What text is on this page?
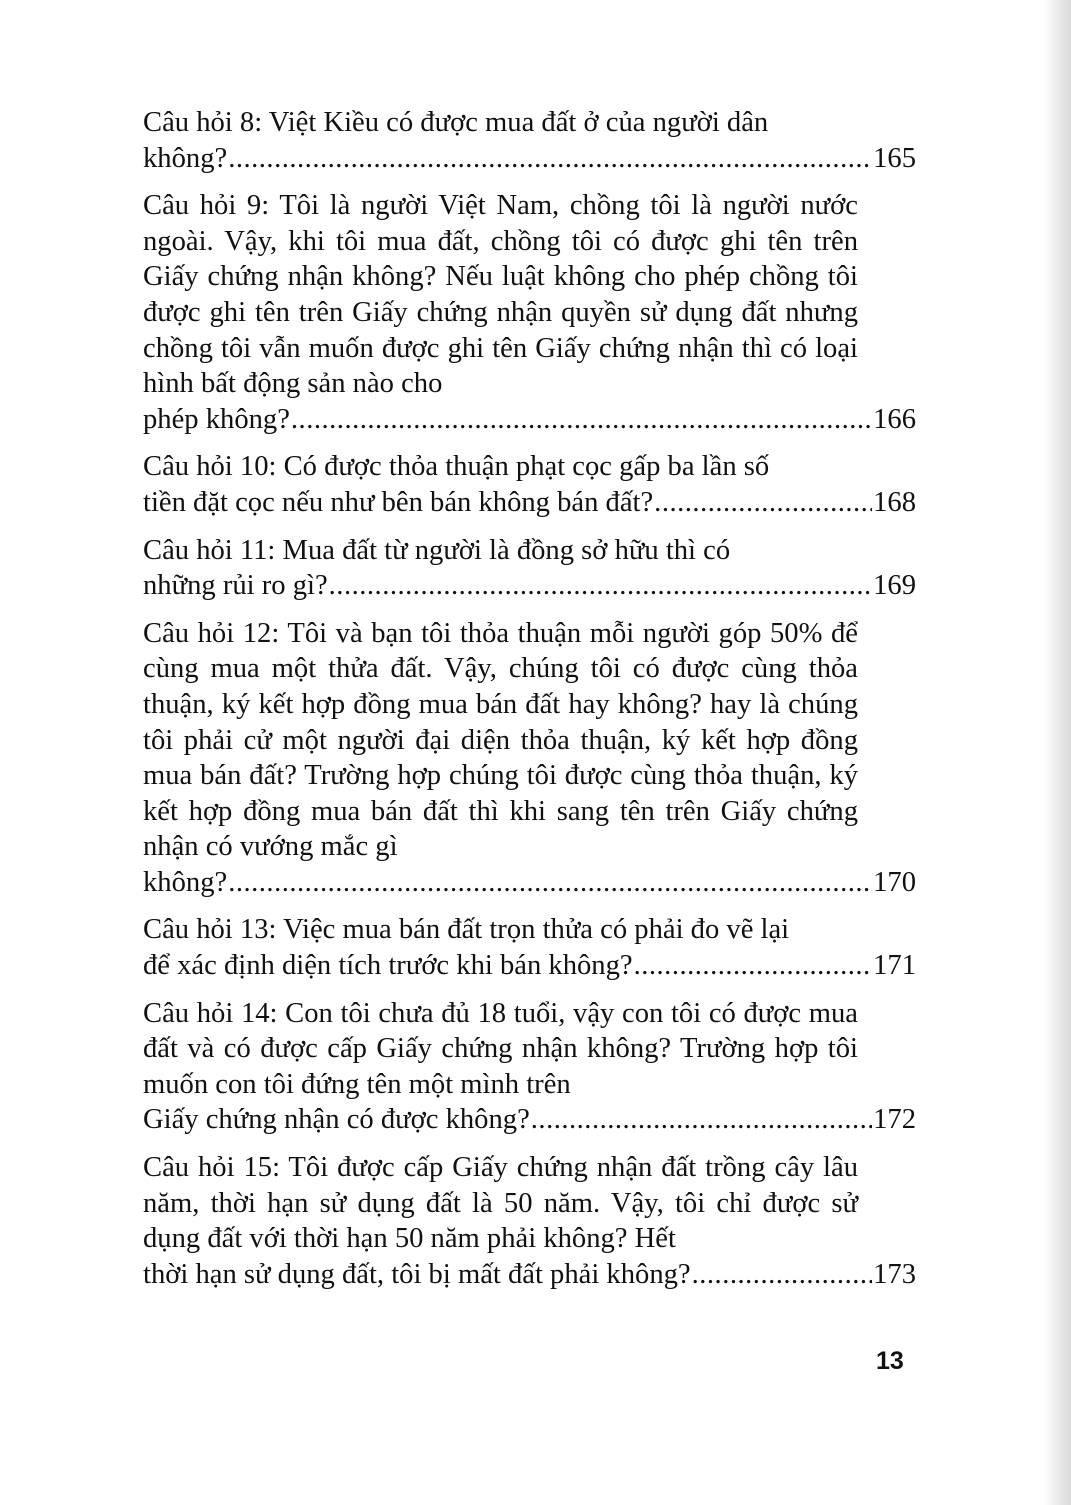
Câu hỏi 8: Việt Kiều có được mua đất ở của người dân
không? .....	165
Câu hỏi 9: Tôi là người Việt Nam, chồng tôi là người nước ngoài. Vậy, khi tôi mua đất, chồng tôi có được ghi tên trên Giấy chứng nhận không? Nếu luật không cho phép chồng tôi được ghi tên trên Giấy chứng nhận quyền sử dụng đất nhưng chồng tôi vẫn muốn được ghi tên Giấy chứng nhận thì có loại hình bất động sản nào cho
phép không? .....	166
Câu hỏi 10: Có được thỏa thuận phạt cọc gấp ba lần số
tiền đặt cọc nếu như bên bán không bán đất? .....	168
Câu hỏi 11: Mua đất từ người là đồng sở hữu thì có
những rủi ro gì? .....	169
Câu hỏi 12: Tôi và bạn tôi thỏa thuận mỗi người góp 50% để cùng mua một thửa đất. Vậy, chúng tôi có được cùng thỏa thuận, ký kết hợp đồng mua bán đất hay không? hay là chúng tôi phải cử một người đại diện thỏa thuận, ký kết hợp đồng mua bán đất? Trường hợp chúng tôi được cùng thỏa thuận, ký kết hợp đồng mua bán đất thì khi sang tên trên Giấy chứng nhận có vướng mắc gì
không? .....	170
Câu hỏi 13: Việc mua bán đất trọn thửa có phải đo vẽ lại
để xác định diện tích trước khi bán không? .....	171
Câu hỏi 14: Con tôi chưa đủ 18 tuổi, vậy con tôi có được mua đất và có được cấp Giấy chứng nhận không? Trường hợp tôi muốn con tôi đứng tên một mình trên
Giấy chứng nhận có được không? .....	172
Câu hỏi 15: Tôi được cấp Giấy chứng nhận đất trồng cây lâu năm, thời hạn sử dụng đất là 50 năm. Vậy, tôi chỉ được sử dụng đất với thời hạn 50 năm phải không? Hết
thời hạn sử dụng đất, tôi bị mất đất phải không? .....	173
13
